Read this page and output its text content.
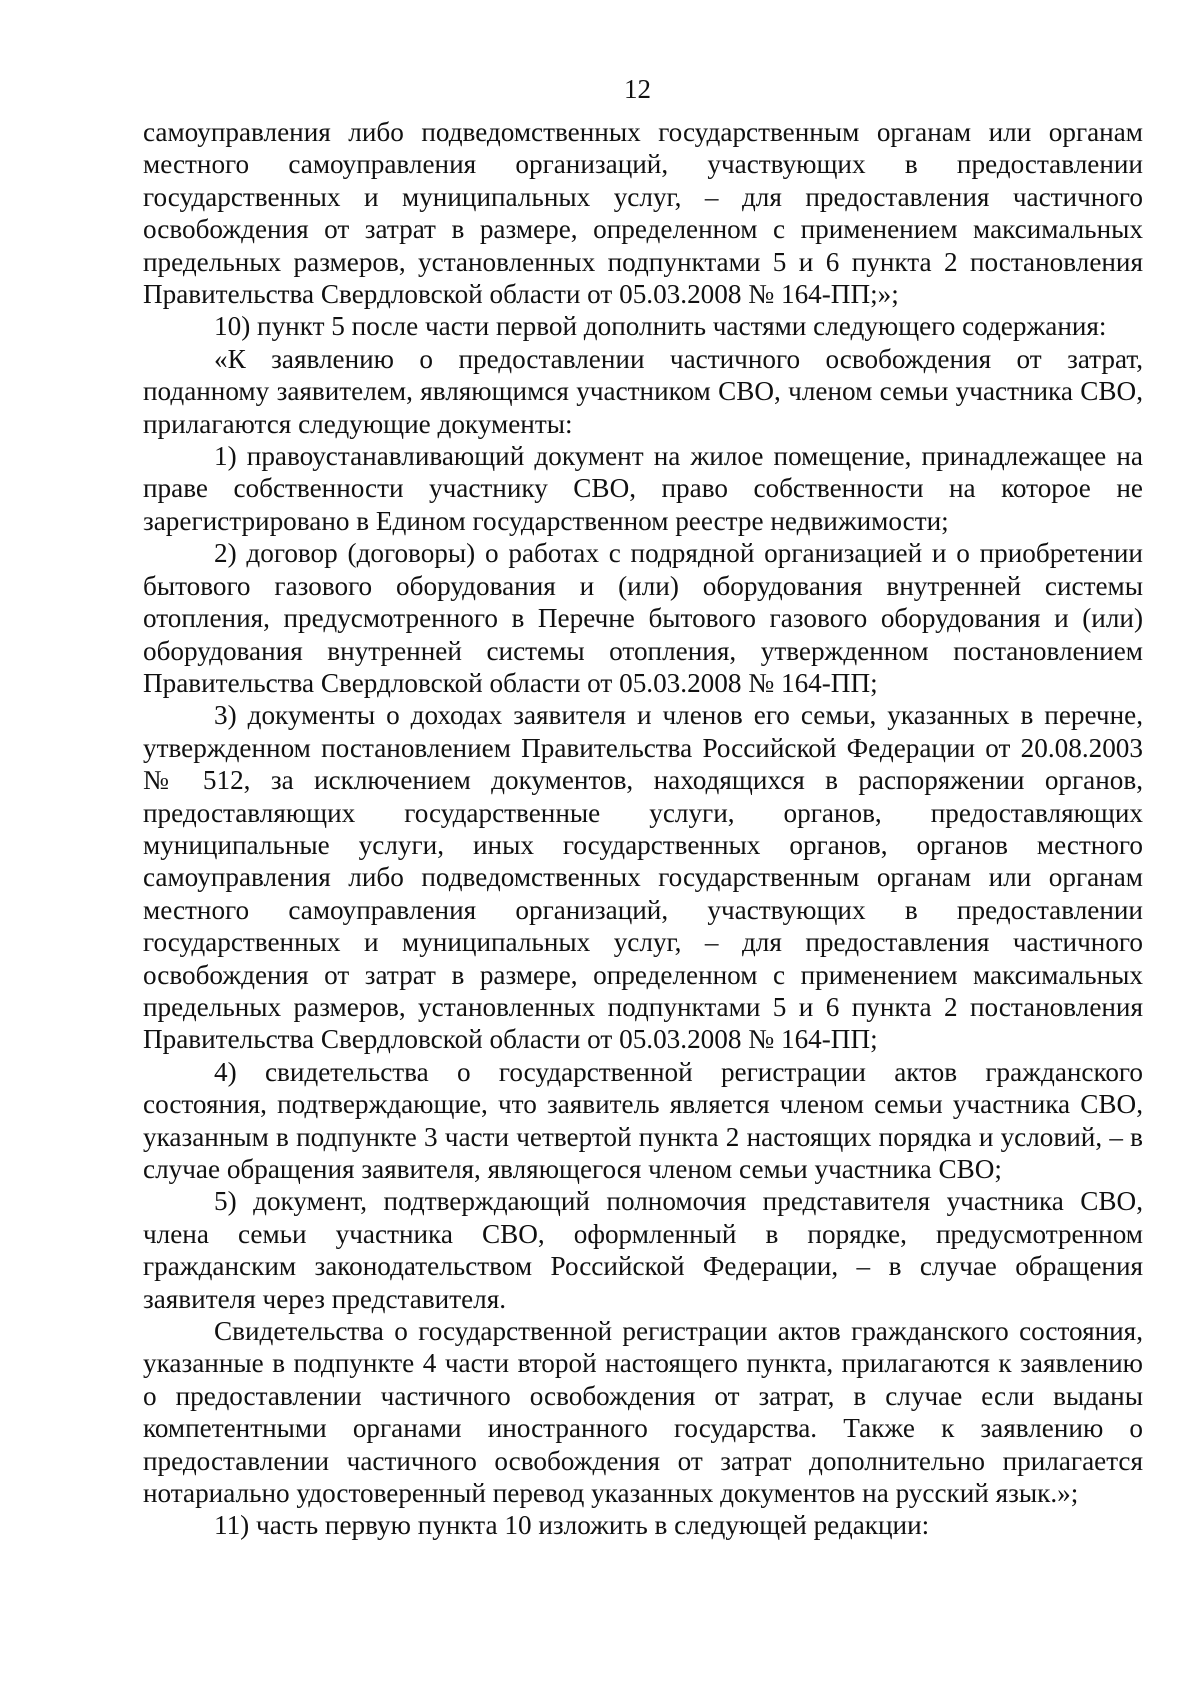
12

самоуправления либо подведомственных государственным органам или органам местного самоуправления организаций, участвующих в предоставлении государственных и муниципальных услуг, – для предоставления частичного освобождения от затрат в размере, определенном с применением максимальных предельных размеров, установленных подпунктами 5 и 6 пункта 2 постановления Правительства Свердловской области от 05.03.2008 № 164-ПП;»;

10) пункт 5 после части первой дополнить частями следующего содержания:

«К заявлению о предоставлении частичного освобождения от затрат, поданному заявителем, являющимся участником СВО, членом семьи участника СВО, прилагаются следующие документы:

1) правоустанавливающий документ на жилое помещение, принадлежащее на праве собственности участнику СВО, право собственности на которое не зарегистрировано в Едином государственном реестре недвижимости;

2) договор (договоры) о работах с подрядной организацией и о приобретении бытового газового оборудования и (или) оборудования внутренней системы отопления, предусмотренного в Перечне бытового газового оборудования и (или) оборудования внутренней системы отопления, утвержденном постановлением Правительства Свердловской области от 05.03.2008 № 164-ПП;

3) документы о доходах заявителя и членов его семьи, указанных в перечне, утвержденном постановлением Правительства Российской Федерации от 20.08.2003 № 512, за исключением документов, находящихся в распоряжении органов, предоставляющих государственные услуги, органов, предоставляющих муниципальные услуги, иных государственных органов, органов местного самоуправления либо подведомственных государственным органам или органам местного самоуправления организаций, участвующих в предоставлении государственных и муниципальных услуг, – для предоставления частичного освобождения от затрат в размере, определенном с применением максимальных предельных размеров, установленных подпунктами 5 и 6 пункта 2 постановления Правительства Свердловской области от 05.03.2008 № 164-ПП;

4) свидетельства о государственной регистрации актов гражданского состояния, подтверждающие, что заявитель является членом семьи участника СВО, указанным в подпункте 3 части четвертой пункта 2 настоящих порядка и условий, – в случае обращения заявителя, являющегося членом семьи участника СВО;

5) документ, подтверждающий полномочия представителя участника СВО, члена семьи участника СВО, оформленный в порядке, предусмотренном гражданским законодательством Российской Федерации, – в случае обращения заявителя через представителя.

Свидетельства о государственной регистрации актов гражданского состояния, указанные в подпункте 4 части второй настоящего пункта, прилагаются к заявлению о предоставлении частичного освобождения от затрат, в случае если выданы компетентными органами иностранного государства. Также к заявлению о предоставлении частичного освобождения от затрат дополнительно прилагается нотариально удостоверенный перевод указанных документов на русский язык.»;

11) часть первую пункта 10 изложить в следующей редакции:
